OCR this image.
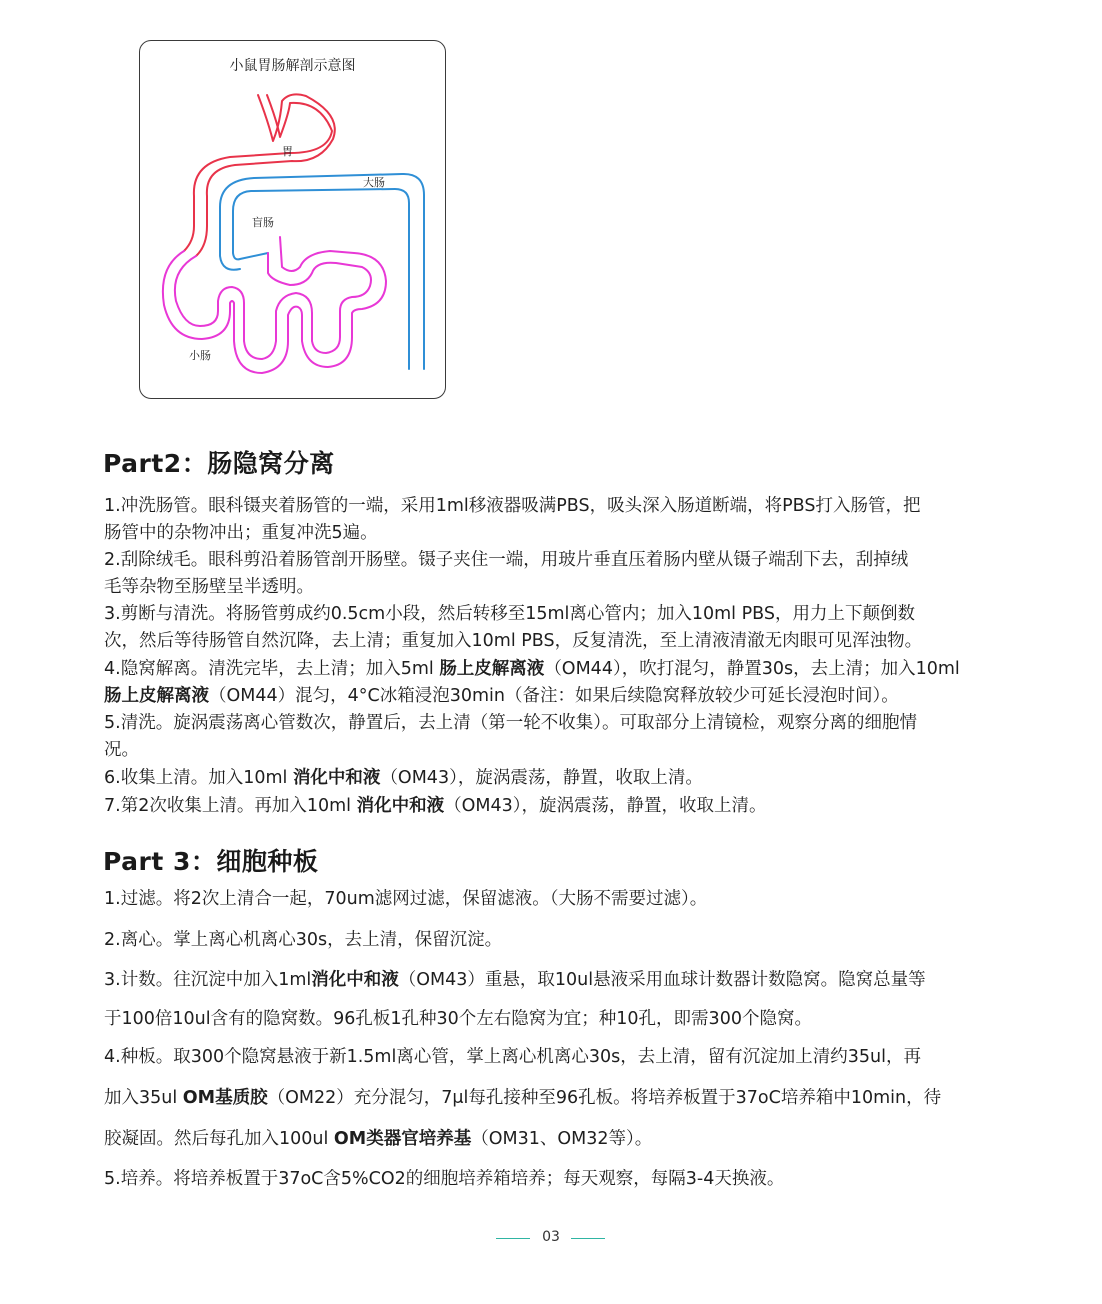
小鼠胃肠解剖示意图
胃
大肠
盲肠
小肠
Part2：肠隐窝分离

1.冲洗肠管。眼科镊夹着肠管的一端，采用1ml移液器吸满PBS，吸头深入肠道断端，将PBS打入肠管，把

肠管中的杂物冲出；重复冲洗5遍。

2.刮除绒毛。眼科剪沿着肠管剖开肠壁。镊子夹住一端，用玻片垂直压着肠内壁从镊子端刮下去，刮掉绒

毛等杂物至肠壁呈半透明。

3.剪断与清洗。将肠管剪成约0.5cm小段，然后转移至15ml离心管内；加入10ml PBS，用力上下颠倒数

次，然后等待肠管自然沉降，去上清；重复加入10ml PBS，反复清洗，至上清液清澈无肉眼可见浑浊物。

4.隐窝解离。清洗完毕，去上清；加入5ml 肠上皮解离液（OM44），吹打混匀，静置30s，去上清；加入10ml

肠上皮解离液（OM44）混匀，4°C冰箱浸泡30min（备注：如果后续隐窝释放较少可延长浸泡时间）。

5.清洗。旋涡震荡离心管数次，静置后，去上清（第一轮不收集）。可取部分上清镜检，观察分离的细胞情

况。

6.收集上清。加入10ml 消化中和液（OM43），旋涡震荡，静置，收取上清。

7.第2次收集上清。再加入10ml 消化中和液（OM43），旋涡震荡，静置，收取上清。

Part 3：细胞种板

1.过滤。将2次上清合一起，70um滤网过滤，保留滤液。（大肠不需要过滤）。

2.离心。掌上离心机离心30s，去上清，保留沉淀。

3.计数。往沉淀中加入1ml消化中和液（OM43）重悬，取10ul悬液采用血球计数器计数隐窝。隐窝总量等

于100倍10ul含有的隐窝数。96孔板1孔种30个左右隐窝为宜；种10孔，即需300个隐窝。

4.种板。取300个隐窝悬液于新1.5ml离心管，掌上离心机离心30s，去上清，留有沉淀加上清约35ul，再

加入35ul OM基质胶（OM22）充分混匀，7μl每孔接种至96孔板。将培养板置于37oC培养箱中10min，待

胶凝固。然后每孔加入100ul OM类器官培养基（OM31、OM32等）。

5.培养。将培养板置于37oC含5%CO2的细胞培养箱培养；每天观察，每隔3-4天换液。

03
